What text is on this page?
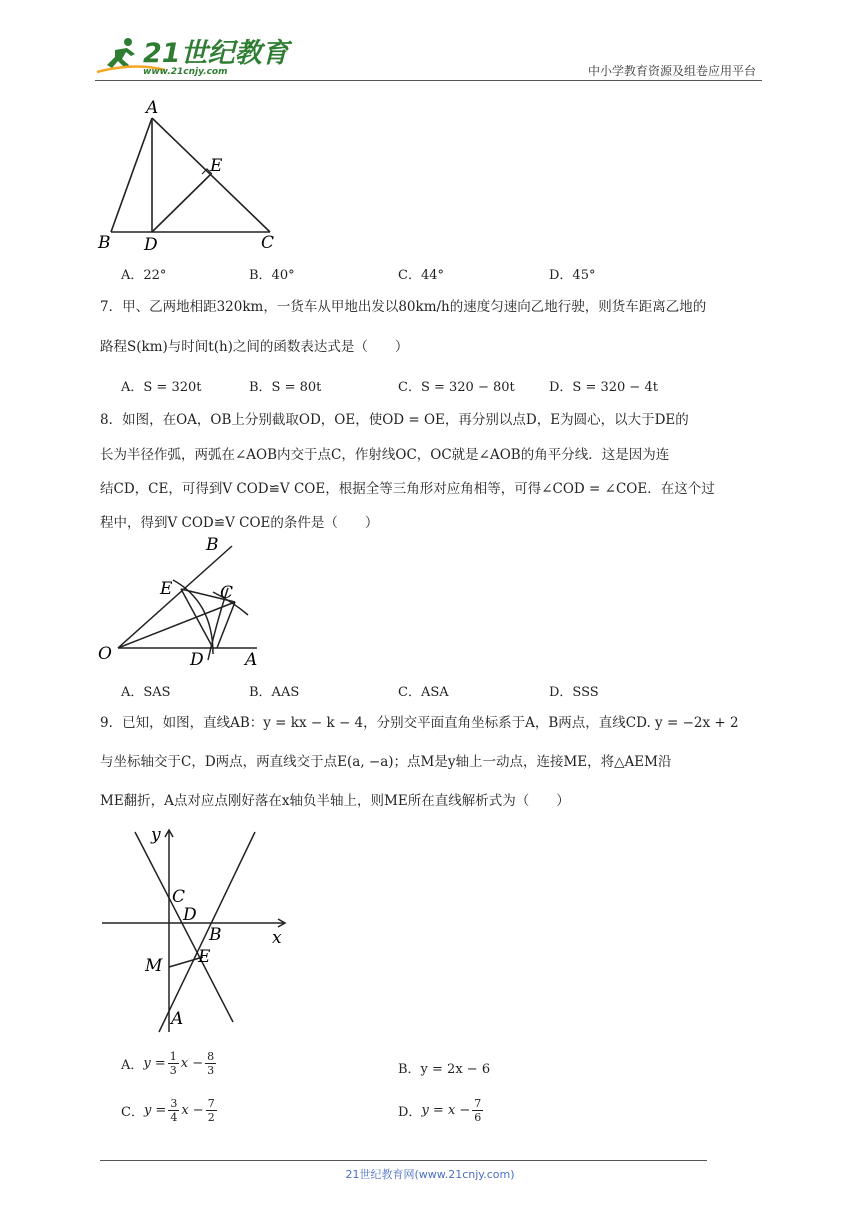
21世纪教育
www.21cnjy.com	中小学教育资源及组卷应用平台
A
E
B D	C
A．22°	B．40°	C．44°	D．45°
7．甲、乙两地相距320km，一货车从甲地出发以80km/h的速度匀速向乙地行驶，则货车距离乙地的
路程S(km)与时间t(h)之间的函数表达式是（　　）
A．S = 320t	B．S = 80t	C．S = 320 − 80t	D．S = 320 − 4t
8．如图，在OA，OB上分别截取OD，OE，使OD = OE，再分别以点D，E为圆心，以大于DE的
长为半径作弧，两弧在∠AOB内交于点C，作射线OC，OC就是∠AOB的角平分线．这是因为连
结CD，CE，可得到V COD≌V COE，根据全等三角形对应角相等，可得∠COD = ∠COE．在这个过
程中，得到V COD≌V COE的条件是（　　）
B
E	C
O	D A
A．SAS	B．AAS	C．ASA	D．SSS
9．已知，如图，直线AB：y = kx − k − 4，分别交平面直角坐标系于A，B两点，直线CD. y = −2x + 2
与坐标轴交于C，D两点，两直线交于点E(a, −a)；点M是y轴上一动点，连接ME，将△AEM沿
ME翻折，A点对应点刚好落在x轴负半轴上，则ME所在直线解析式为（　　）
y
x
C
D
B
M E
A
A． $y = \frac{1}{3}$ $x - \frac{8}{3}$	B．y = 2x − 6
C． $y = \frac{3}{4}$ $x - \frac{7}{2}$	D． $y = x - \frac{7}{6}$
21世纪教育网(www.21cnjy.com)
